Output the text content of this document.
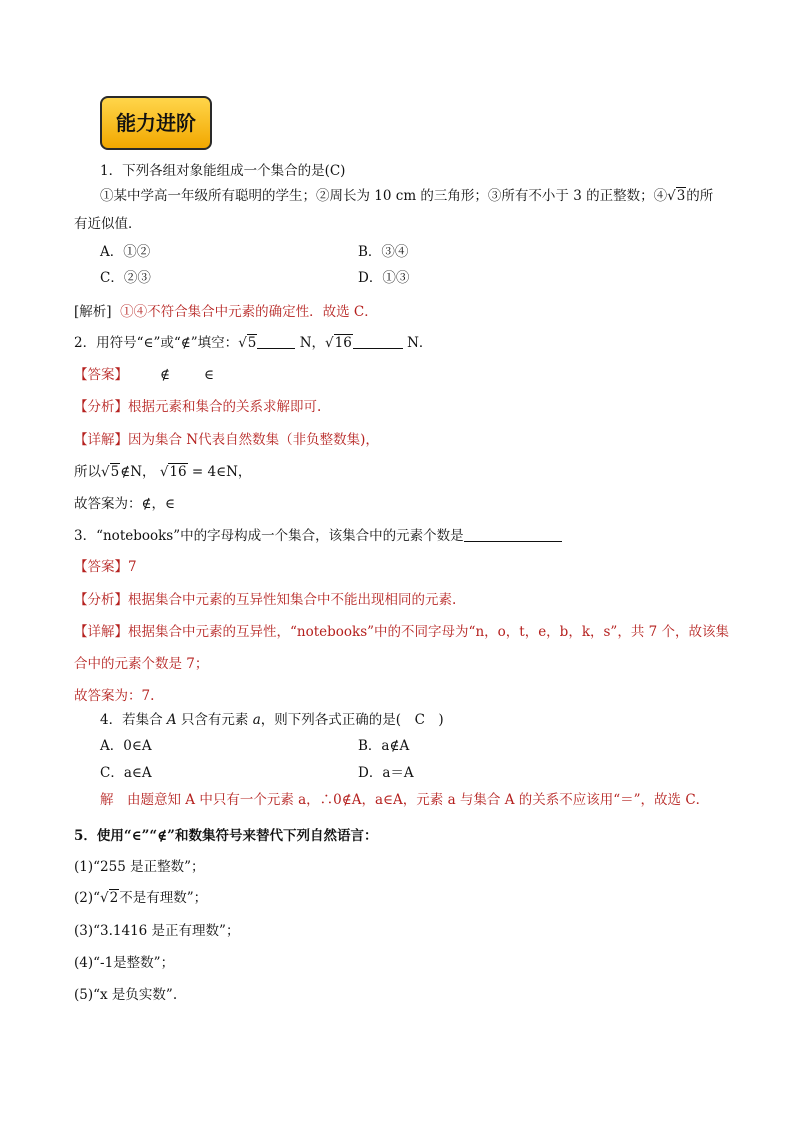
能力进阶
1．下列各组对象能组成一个集合的是(C)
①某中学高一年级所有聪明的学生；②周长为 10 cm 的三角形；③所有不小于 3 的正整数；④√3的所
有近似值．
A．①②	B．③④
C．②③	D．①③
[解析] ①④不符合集合中元素的确定性．故选 C．
2．用符号“∈”或“∉”填空：√5	N，√16	N．
【答案】 ∉	∈
【分析】根据元素和集合的关系求解即可.
【详解】因为集合 N代表自然数集（非负整数集)，
所以√5∉N， √16 = 4∈N，
故答案为：∉，∈
3．“notebooks”中的字母构成一个集合，该集合中的元素个数是
【答案】7
【分析】根据集合中元素的互异性知集合中不能出现相同的元素.
【详解】根据集合中元素的互异性，“notebooks”中的不同字母为“n，o，t，e，b，k，s”，共 7 个，故该集
合中的元素个数是 7；
故答案为：7.
4．若集合 A 只含有元素 a，则下列各式正确的是(　C　)
A．0∈A	B．a∉A
C．a∈A	D．a＝A
解　由题意知 A 中只有一个元素 a，∴0∉A，a∈A，元素 a 与集合 A 的关系不应该用“＝”，故选 C．
5．使用“∈”“∉”和数集符号来替代下列自然语言：
(1)“255 是正整数”；
(2)“√2不是有理数”；
(3)“3.1416 是正有理数”；
(4)“-1是整数”；
(5)“x 是负实数”.
